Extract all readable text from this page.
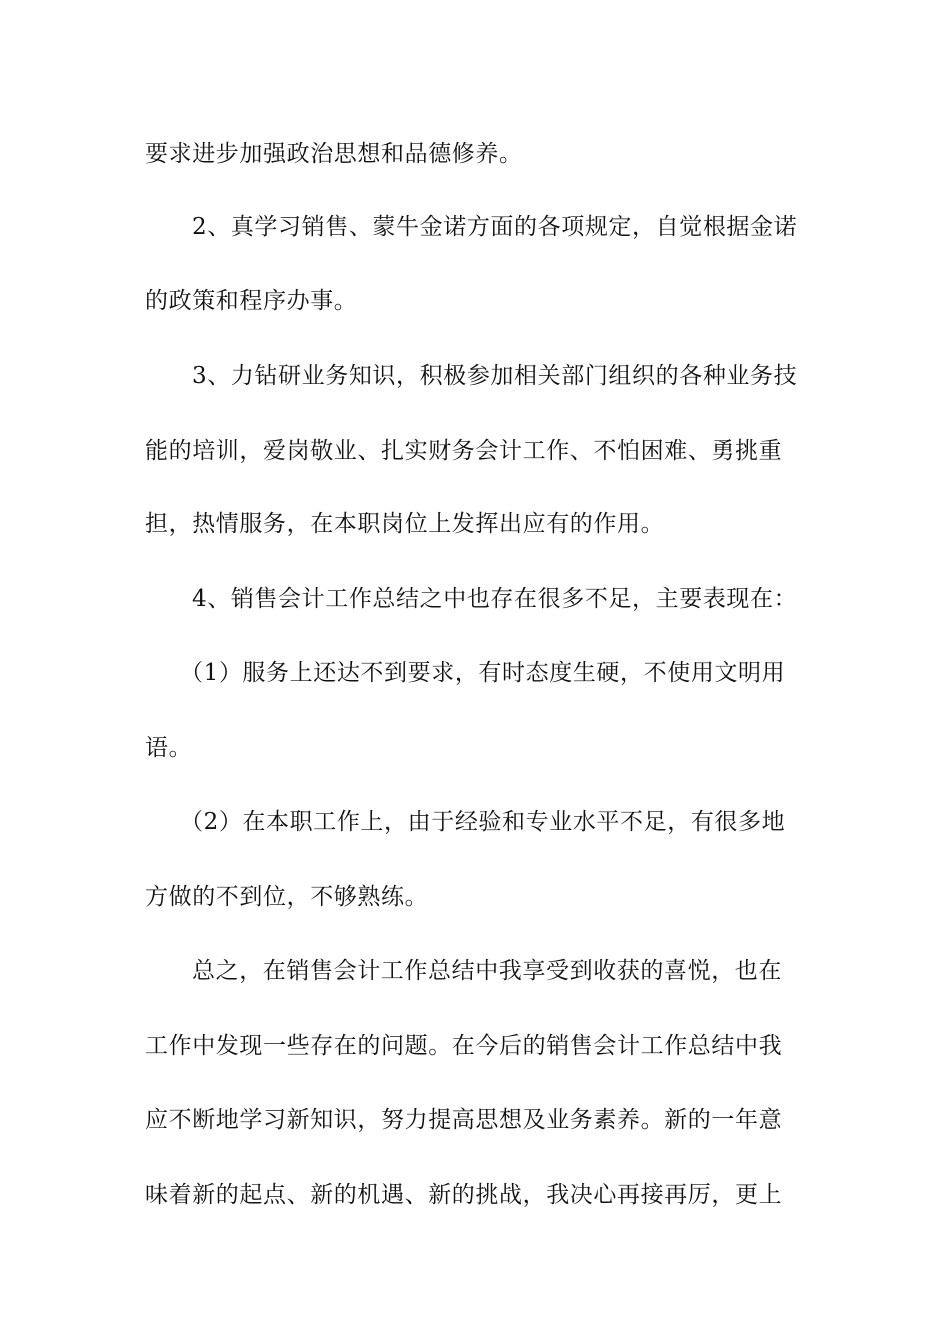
要求进步加强政治思想和品德修养。
2、真学习销售、蒙牛金诺方面的各项规定，自觉根据金诺
的政策和程序办事。
3、力钻研业务知识，积极参加相关部门组织的各种业务技
能的培训，爱岗敬业、扎实财务会计工作、不怕困难、勇挑重
担，热情服务，在本职岗位上发挥出应有的作用。
4、销售会计工作总结之中也存在很多不足，主要表现在：
（1）服务上还达不到要求，有时态度生硬，不使用文明用
语。
（2）在本职工作上，由于经验和专业水平不足，有很多地
方做的不到位，不够熟练。
总之，在销售会计工作总结中我享受到收获的喜悦，也在
工作中发现一些存在的问题。在今后的销售会计工作总结中我
应不断地学习新知识，努力提高思想及业务素养。新的一年意
味着新的起点、新的机遇、新的挑战，我决心再接再厉，更上
